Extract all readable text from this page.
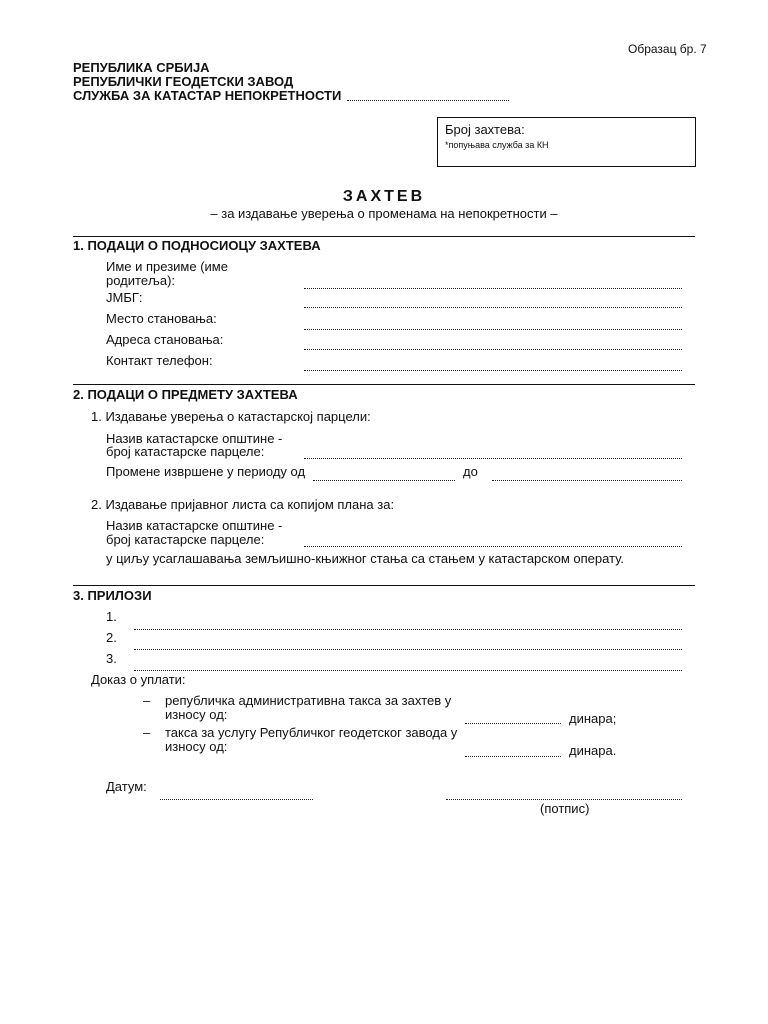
Образац бр. 7
РЕПУБЛИКА СРБИЈА
РЕПУБЛИЧКИ ГЕОДЕТСКИ ЗАВОД
СЛУЖБА ЗА КАТАСТАР НЕПОКРЕТНОСТИ
Број захтева:
*попуњава служба за КН
ЗАХТЕВ
– за издавање уверења о променама на непокретности –
1. ПОДАЦИ О ПОДНОСИОЦУ ЗАХТЕВА
Име и презиме (име
родитеља):
ЈМБГ:
Место становања:
Адреса становања:
Контакт телефон:
2. ПОДАЦИ О ПРЕДМЕТУ ЗАХТЕВА
1. Издавање уверења о катастарској парцели:
Назив катастарске општине -
број катастарске парцеле:
Промене извршене у периоду од	до
2. Издавање пријавног листа са копијом плана за:
Назив катастарске општине -
број катастарске парцеле:
у циљу усаглашавања земљишно-књижног стања са стањем у катастарском операту.
3. ПРИЛОЗИ
1.
2.
3.
Доказ о уплати:
– републичка административна такса за захтев у
износу од:	динара;
– такса за услугу Републичког геодетског завода у
износу од:	динара.
Датум:
(потпис)
